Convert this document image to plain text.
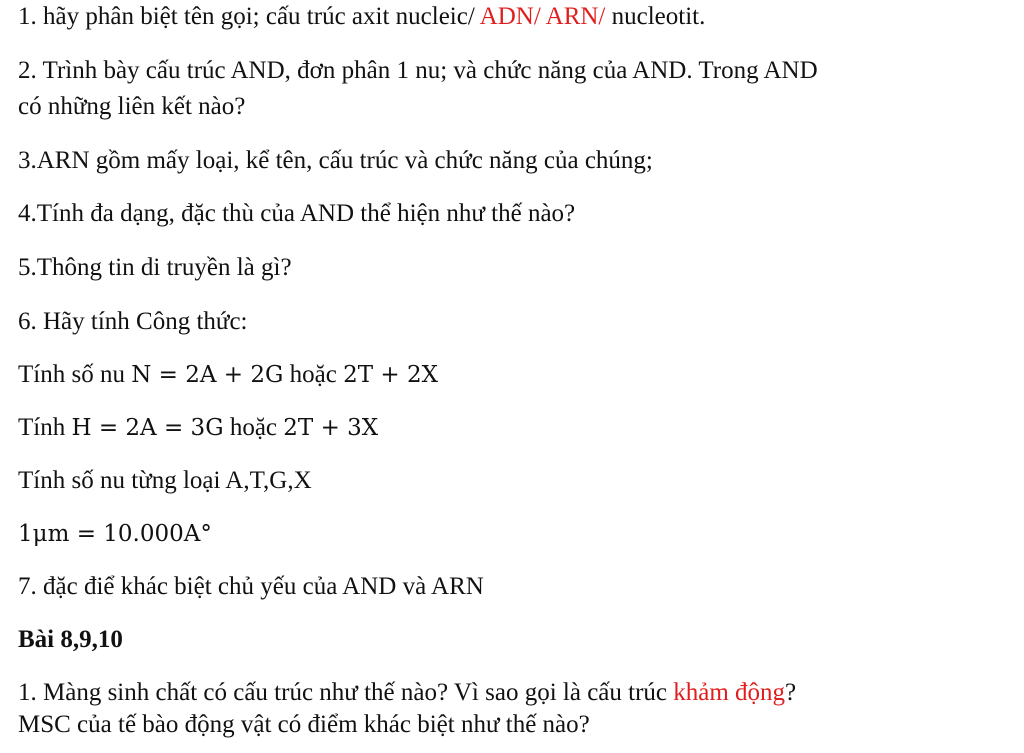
1. hãy phân biệt tên gọi; cấu trúc axit nucleic/ ADN/ ARN/ nucleotit.
2. Trình bày cấu trúc AND, đơn phân 1 nu; và chức năng của AND. Trong AND
có những liên kết nào?
3.ARN gồm mấy loại, kể tên, cấu trúc và chức năng của chúng;
4.Tính đa dạng, đặc thù của AND thể hiện như thế nào?
5.Thông tin di truyền là gì?
6. Hãy tính Công thức:
Tính số nu N = 2A + 2G hoặc 2T + 2X
Tính H = 2A = 3G hoặc 2T + 3X
Tính số nu từng loại A,T,G,X
1μm = 10.000A°
7. đặc điể khác biệt chủ yếu của AND và ARN
Bài 8,9,10
1. Màng sinh chất có cấu trúc như thế nào? Vì sao gọi là cấu trúc khảm động?
MSC của tế bào động vật có điểm khác biệt như thế nào?
